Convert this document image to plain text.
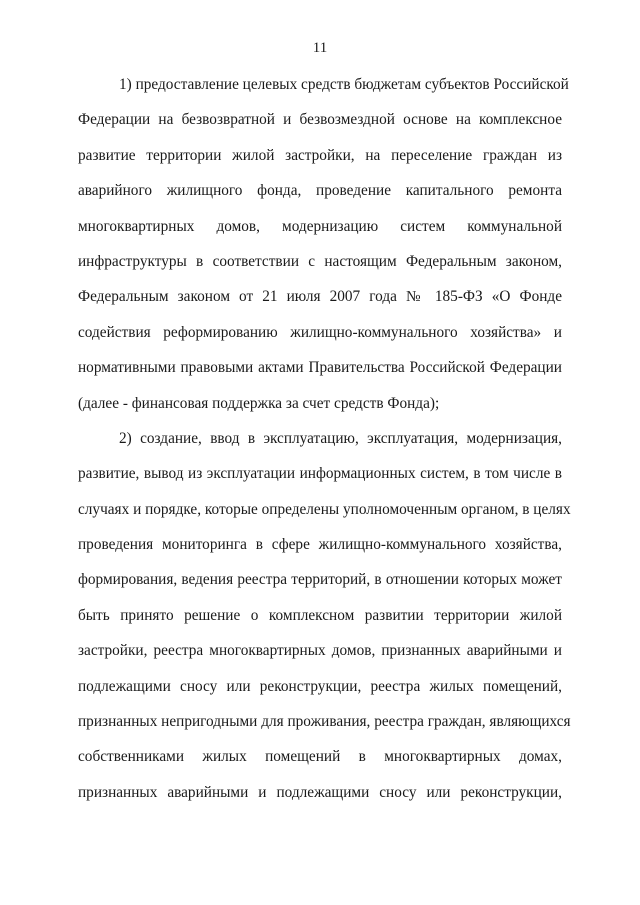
11
1) предоставление целевых средств бюджетам субъектов Российской
Федерации на безвозвратной и безвозмездной основе на комплексное
развитие территории жилой застройки, на переселение граждан из
аварийного жилищного фонда, проведение капитального ремонта
многоквартирных домов, модернизацию систем коммунальной
инфраструктуры в соответствии с настоящим Федеральным законом,
Федеральным законом от 21 июля 2007 года № 185-ФЗ «О Фонде
содействия реформированию жилищно-коммунального хозяйства» и
нормативными правовыми актами Правительства Российской Федерации
(далее - финансовая поддержка за счет средств Фонда);
2) создание, ввод в эксплуатацию, эксплуатация, модернизация,
развитие, вывод из эксплуатации информационных систем, в том числе в
случаях и порядке, которые определены уполномоченным органом, в целях
проведения мониторинга в сфере жилищно-коммунального хозяйства,
формирования, ведения реестра территорий, в отношении которых может
быть принято решение о комплексном развитии территории жилой
застройки, реестра многоквартирных домов, признанных аварийными и
подлежащими сносу или реконструкции, реестра жилых помещений,
признанных непригодными для проживания, реестра граждан, являющихся
собственниками жилых помещений в многоквартирных домах,
признанных аварийными и подлежащими сносу или реконструкции,
